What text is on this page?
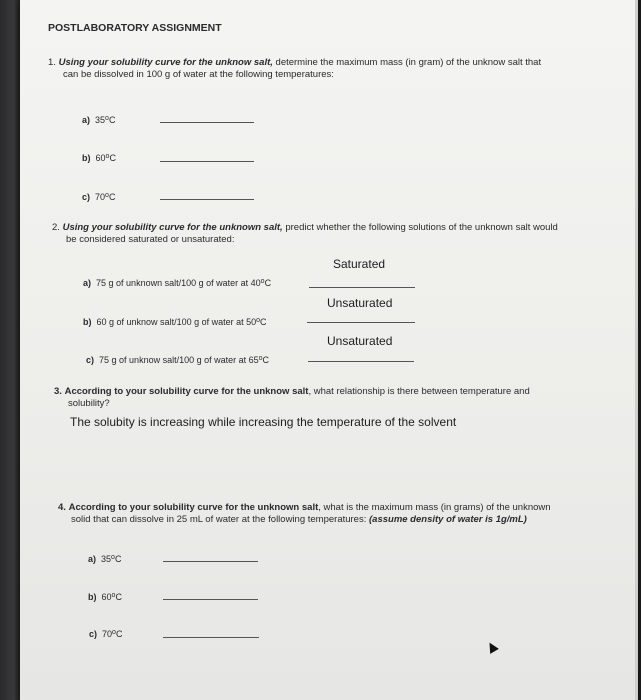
POSTLABORATORY ASSIGNMENT
1. Using your solubility curve for the unknow salt, determine the maximum mass (in gram) of the unknow salt that
can be dissolved in 100 g of water at the following temperatures:
a) 35$^o$C
b) 60$^o$C
c) 70$^o$C
2. Using your solubility curve for the unknown salt, predict whether the following solutions of the unknown salt would
be considered saturated or unsaturated:
Saturated
a) 75 g of unknown salt/100 g of water at 40$^o$C
Unsaturated
b) 60 g of unknow salt/100 g of water at 50$^o$C
Unsaturated
c) 75 g of unknow salt/100 g of water at 65$^o$C
3. According to your solubility curve for the unknow salt, what relationship is there between temperature and
solubility?
The solubity is increasing while increasing the temperature of the solvent
4. According to your solubility curve for the unknown salt, what is the maximum mass (in grams) of the unknown
solid that can dissolve in 25 mL of water at the following temperatures: (assume density of water is 1g/mL)
a) 35$^o$C
b) 60$^o$C
c) 70$^o$C
